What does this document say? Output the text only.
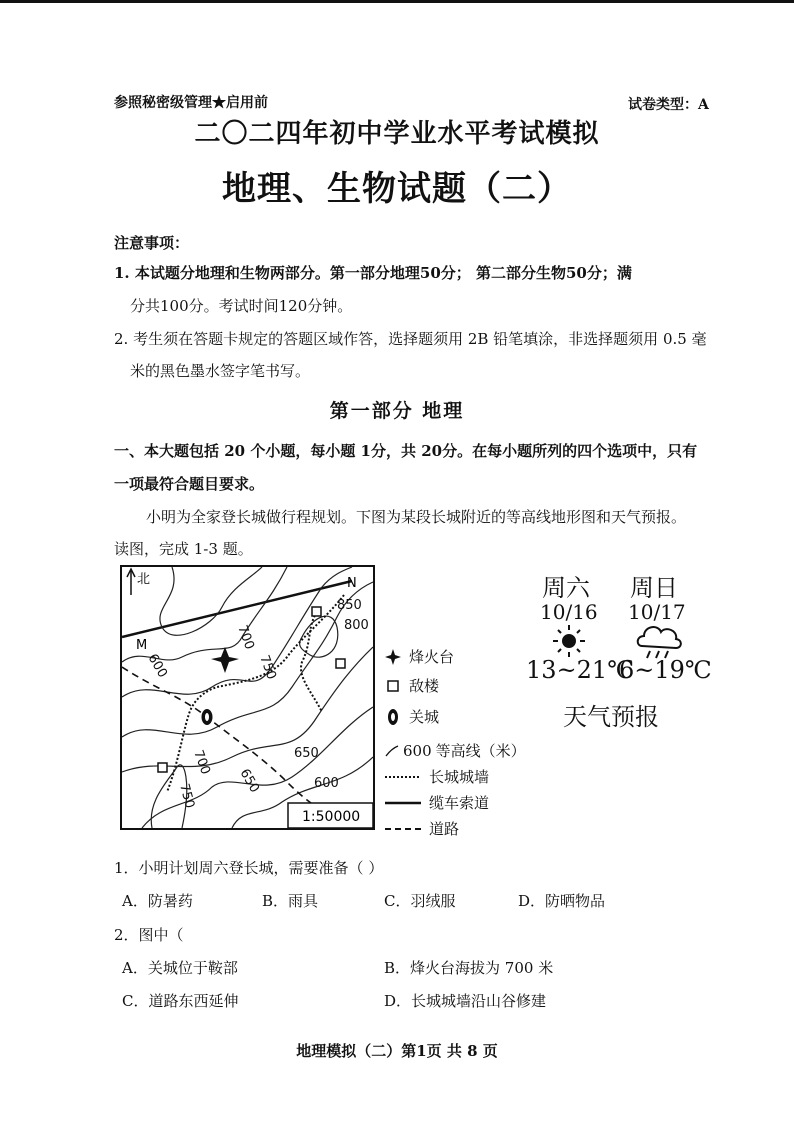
参照秘密级管理★启用前	试卷类型：A
二〇二四年初中学业水平考试模拟
地理、生物试题（二）
注意事项：
1. 本试题分地理和生物两部分。第一部分地理50分； 第二部分生物50分；满
分共100分。考试时间120分钟。
2. 考生须在答题卡规定的答题区域作答，选择题须用 2B 铅笔填涂，非选择题须用 0.5 毫
米的黑色墨水签字笔书写。
第一部分 地理
一、本大题包括 20 个小题，每小题 1分，共 20分。在每小题所列的四个选项中，只有
一项最符合题目要求。
小明为全家登长城做行程规划。下图为某段长城附近的等高线地形图和天气预报。
读图，完成 1-3 题。
北
M
N
850
800
750
700
600
650
700
650	600
750
1:50000
烽火台
敌楼
关城
600 等高线（米）
长城城墙
缆车索道
道路
周六 周日
10/16 10/17
13~21℃
6~19℃
天气预报
1．小明计划周六登长城，需要准备（ ）
A．防暑药	B．雨具	C．羽绒服	D．防晒物品
2．图中（
A．关城位于鞍部	B．烽火台海拔为 700 米
C．道路东西延伸	D．长城城墙沿山谷修建
地理模拟（二）第1页 共 8 页
